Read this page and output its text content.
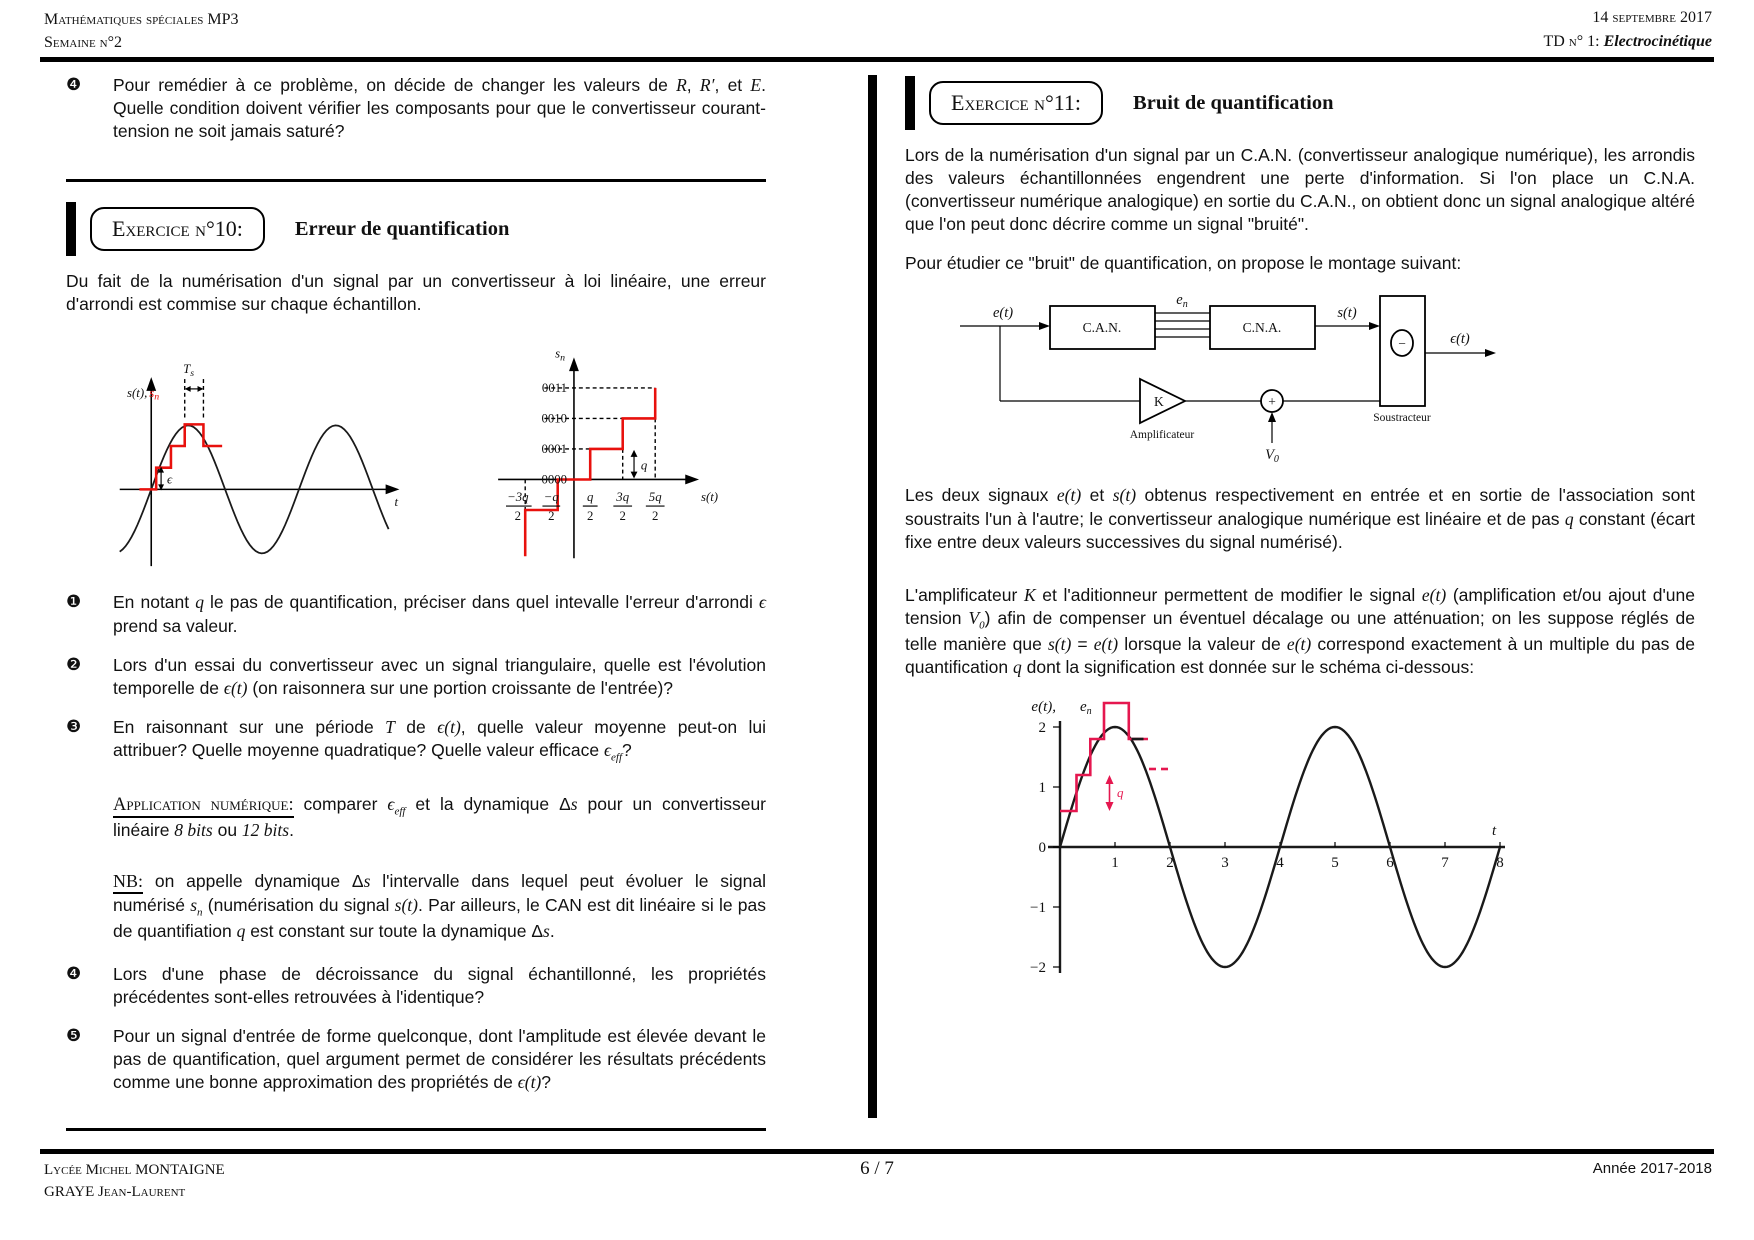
Mathématiques spéciales MP3
Semaine n°2
14 septembre 2017
TD n° 1: Electrocinétique
❹	Pour remédier à ce problème, on décide de changer les valeurs de R, R′, et E. Quelle condition doivent vérifier les composants pour que le convertisseur courant-tension ne soit jamais saturé?
Exercice n°10:	Erreur de quantification

Du fait de la numérisation d'un signal par un convertisseur à loi linéaire, une erreur d'arrondi est commise sur chaque échantillon.

$T_s$
ϵ
s(t), $s_n$
t
q
0011
0010
0001
0000
−3q
2
−q
2
q
2
3q
2
5q
2
$s_n$
s(t)
❶	En notant q le pas de quantification, préciser dans quel intevalle l'erreur d'arrondi ϵ prend sa valeur.
❷	Lors d'un essai du convertisseur avec un signal triangulaire, quelle est l'évolution temporelle de ϵ(t) (on raisonnera sur une portion croissante de l'entrée)?
❸	En raisonnant sur une période T de ϵ(t), quelle valeur moyenne peut-on lui attribuer? Quelle moyenne quadratique? Quelle valeur efficace $\epsilon_{eff}$?
Application numérique: comparer $\epsilon_{eff}$ et la dynamique Δs pour un convertisseur linéaire 8 bits ou 12 bits.
NB: on appelle dynamique Δs l'intervalle dans lequel peut évoluer le signal numérisé $s_n$ (numérisation du signal s(t). Par ailleurs, le CAN est dit linéaire si le pas de quantifiation q est constant sur toute la dynamique Δs.
❹	Lors d'une phase de décroissance du signal échantillonné, les propriétés précédentes sont-elles retrouvées à l'identique?
❺	Pour un signal d'entrée de forme quelconque, dont l'amplitude est élevée devant le pas de quantification, quel argument permet de considérer les résultats précédents comme une bonne approximation des propriétés de ϵ(t)?
Exercice n°11:	Bruit de quantification

Lors de la numérisation d'un signal par un C.A.N. (convertisseur analogique numérique), les arrondis des valeurs échantillonnées engendrent une perte d'information. Si l'on place un C.N.A. (convertisseur numérique analogique) en sortie du C.A.N., on obtient donc un signal analogique altéré que l'on peut donc décrire comme un signal "bruité".

Pour étudier ce "bruit" de quantification, on propose le montage suivant:

e(t)
C.A.N.
$e_n$
C.N.A.
s(t)
−
Soustracteur
ϵ(t)
K
Amplificateur
+
$V_0$

Les deux signaux e(t) et s(t) obtenus respectivement en entrée et en sortie de l'association sont soustraits l'un à l'autre; le convertisseur analogique numérique est linéaire et de pas q constant (écart fixe entre deux valeurs successives du signal numérisé).

L'amplificateur K et l'aditionneur permettent de modifier le signal e(t) (amplification et/ou ajout d'une tension $V_0$) afin de compenser un éventuel décalage ou une atténuation; on les suppose réglés de telle manière que s(t) = e(t) lorsque la valeur de e(t) correspond exactement à un multiple du pas de quantification q dont la signification est donnée sur le schéma ci-dessous:

2
1
0
−1
−2
1	2	3	4	5	6	7	8
q
e(t), $e_n$
t
Lycée Michel MONTAIGNE
GRAYE Jean-Laurent
6 / 7	Année 2017-2018
